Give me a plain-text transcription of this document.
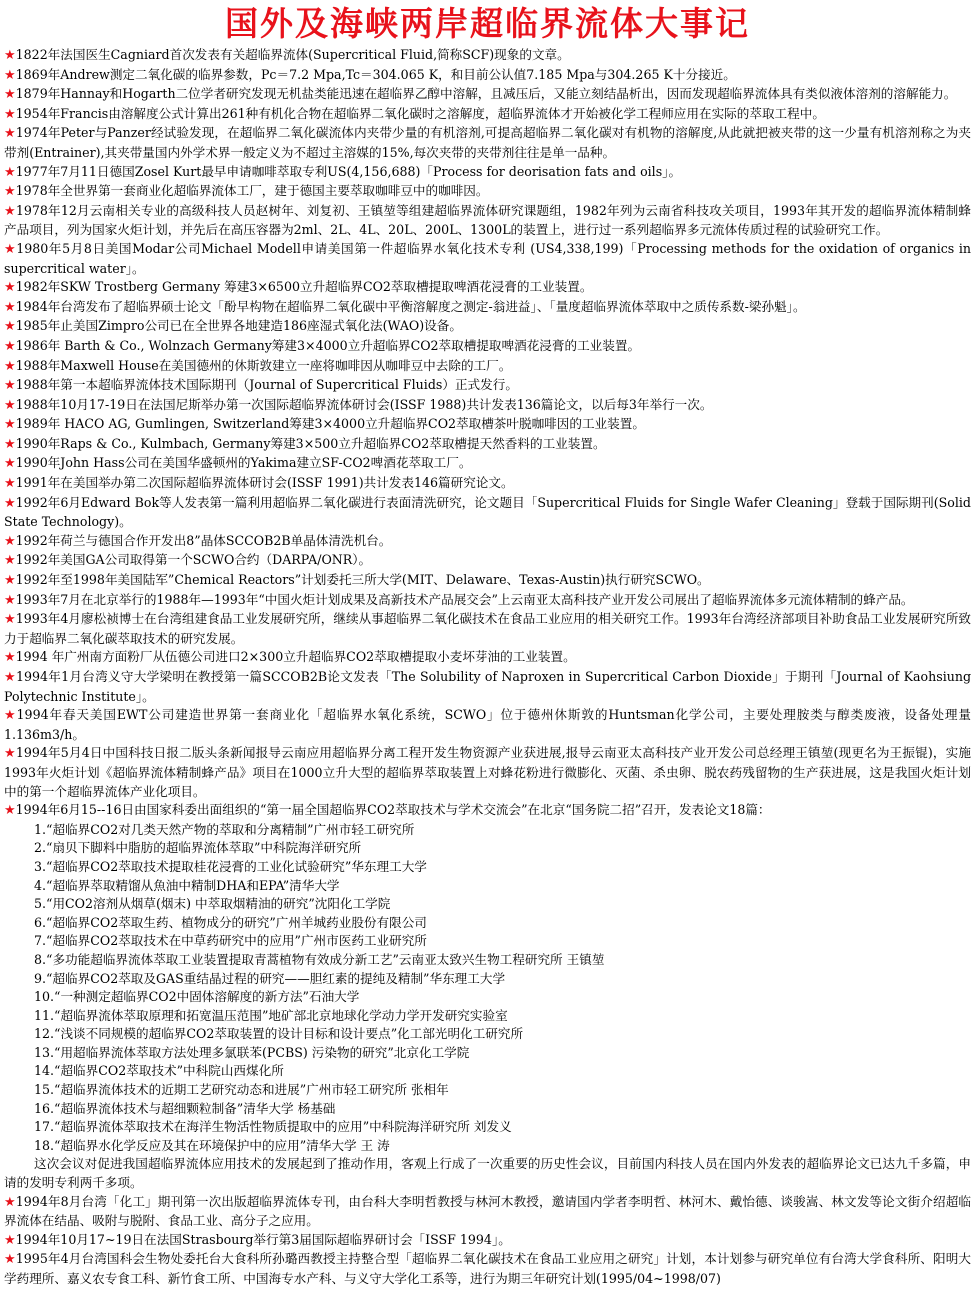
国外及海峡两岸超临界流体大事记

★1822年法国医生Cagniard首次发表有关超临界流体(Supercritical Fluid,简称SCF)现象的文章。

★1869年Andrew测定二氧化碳的临界参数，Pc＝7.2 Mpa,Tc＝304.065 K，和目前公认值7.185 Mpa与304.265 K十分接近。

★1879年Hannay和Hogarth二位学者研究发现无机盐类能迅速在超临界乙醇中溶解，且减压后，又能立刻结晶析出，因而发现超临界流体具有类似液体溶剂的溶解能力。

★1954年Francis由溶解度公式计算出261种有机化合物在超临界二氧化碳时之溶解度，超临界流体才开始被化学工程师应用在实际的萃取工程中。

★1974年Peter与Panzer经试验发现，在超临界二氧化碳流体内夹带少量的有机溶剂,可提高超临界二氧化碳对有机物的溶解度,从此就把被夹带的这一少量有机溶剂称之为夹带剂(Entrainer),其夹带量国内外学术界一般定义为不超过主溶媒的15%,每次夹带的夹带剂往往是单一品种。

★1977年7月11日德国Zosel Kurt最早申请咖啡萃取专利US(4,156,688)「Process for deorisation fats and oils」。

★1978年全世界第一套商业化超临界流体工厂，建于德国主要萃取咖啡豆中的咖啡因。

★1978年12月云南相关专业的高级科技人员赵树年、刘复初、王镇堃等组建超临界流体研究课题组，1982年列为云南省科技攻关项目，1993年其开发的超临界流体精制蜂产品项目，列为国家火炬计划，并先后在高压容器为2ml、2L、4L、20L、200L、1300L的装置上，进行过一系列超临界多元流体传质过程的试验研究工作。

★1980年5月8日美国Modar公司Michael Modell申请美国第一件超临界水氧化技术专利 (US4,338,199)「Processing methods for the oxidation of organics in supercritical water」。

★1982年SKW Trostberg Germany 筹建3×6500立升超临界CO2萃取槽提取啤酒花浸膏的工业装置。

★1984年台湾发布了超临界硕士论文「酚早构物在超临界二氧化碳中平衡溶解度之测定-翁进益」、「量度超临界流体萃取中之质传系数-梁孙魁」。

★1985年止美国Zimpro公司已在全世界各地建造186座湿式氧化法(WAO)设备。

★1986年 Barth & Co., Wolnzach Germany筹建3×4000立升超临界CO2萃取槽提取啤酒花浸膏的工业装置。

★1988年Maxwell House在美国德州的休斯敦建立一座将咖啡因从咖啡豆中去除的工厂。

★1988年第一本超临界流体技术国际期刊（Journal of Supercritical Fluids）正式发行。

★1988年10月17-19日在法国尼斯举办第一次国际超临界流体研讨会(ISSF 1988)共计发表136篇论文，以后每3年举行一次。

★1989年 HACO AG, Gumlingen, Switzerland筹建3×4000立升超临界CO2萃取槽茶叶脱咖啡因的工业装置。

★1990年Raps & Co., Kulmbach, Germany筹建3×500立升超临界CO2萃取槽提天然香料的工业装置。

★1990年John Hass公司在美国华盛顿州的Yakima建立SF-CO2啤酒花萃取工厂。

★1991年在美国举办第二次国际超临界流体研讨会(ISSF 1991)共计发表146篇研究论文。

★1992年6月Edward Bok等人发表第一篇利用超临界二氧化碳进行表面清洗研究，论文题目「Supercritical Fluids for Single Wafer Cleaning」登载于国际期刊(Solid State Technology)。

★1992年荷兰与德国合作开发出8”晶体SCCOB2B单晶体清洗机台。

★1992年美国GA公司取得第一个SCWO合约（DARPA/ONR）。

★1992年至1998年美国陆军”Chemical Reactors”计划委托三所大学(MIT、Delaware、Texas-Austin)执行研究SCWO。

★1993年7月在北京举行的1988年—1993年“中国火炬计划成果及高新技术产品展交会”上云南亚太高科技产业开发公司展出了超临界流体多元流体精制的蜂产品。

★1993年4月廖松祯博士在台湾组建食品工业发展研究所，继续从事超临界二氧化碳技术在食品工业应用的相关研究工作。1993年台湾经济部项目补助食品工业发展研究所致力于超临界二氧化碳萃取技术的研究发展。

★1994 年广州南方面粉厂从伍德公司进口2×300立升超临界CO2萃取槽提取小麦坏芽油的工业装置。

★1994年1月台湾义守大学梁明在教授第一篇SCCOB2B论文发表「The Solubility of Naproxen in Supercritical Carbon Dioxide」于期刊「Journal of Kaohsiung Polytechnic Institute」。

★1994年春天美国EWT公司建造世界第一套商业化「超临界水氧化系统，SCWO」位于德州休斯敦的Huntsman化学公司，主要处理胺类与醇类废液，设备处理量1.136m3/h。

★1994年5月4日中国科技日报二版头条新闻报导云南应用超临界分离工程开发生物资源产业获进展,报导云南亚太高科技产业开发公司总经理王镇堃(现更名为王振锟)，实施1993年火炬计划《超临界流体精制蜂产品》项目在1000立升大型的超临界萃取装置上对蜂花粉进行微膨化、灭菌、杀虫卵、脱农药残留物的生产获进展，这是我国火炬计划中的第一个超临界流体产业化项目。

★1994年6月15--16日由国家科委出面组织的“第一届全国超临界CO2萃取技术与学术交流会”在北京“国务院二招”召开，发表论文18篇：

1.“超临界CO2对几类天然产物的萃取和分离精制”广州市轻工研究所
2.“扇贝下脚料中脂肪的超临界流体萃取”中科院海洋研究所
3.“超临界CO2萃取技术提取桂花浸膏的工业化试验研究”华东理工大学
4.“超临界萃取精馏从魚油中精制DHA和EPA”清华大学
5.“用CO2溶剂从烟草(烟末) 中萃取烟精油的研究”沈阳化工学院
6.“超临界CO2萃取生药、植物成分的研究”广州羊城药业股份有限公司
7.“超临界CO2萃取技术在中草药研究中的应用”广州市医药工业研究所
8.“多功能超临界流体萃取工业装置提取青蒿植物有效成分新工艺”云南亚太致兴生物工程研究所 王镇堃
9.“超临界CO2萃取及GAS重结晶过程的研究——胆红素的提纯及精制”华东理工大学
10.“一种测定超临界CO2中固体溶解度的新方法”石油大学
11.“超临界流体萃取原理和拓宽温压范围”地矿部北京地球化学动力学开发研究实验室
12.“浅谈不同规模的超临界CO2萃取装置的设计目标和设计要点”化工部光明化工研究所
13.“用超临界流体萃取方法处理多氯联苯(PCBS) 污染物的研究”北京化工学院
14.“超临界CO2萃取技术”中科院山西煤化所
15.“超临界流体技术的近期工艺研究动态和进展”广州市轻工研究所 张相年
16.“超临界流体技术与超细颗粒制备”清华大学 杨基础
17.“超临界流体萃取技术在海洋生物活性物质提取中的应用”中科院海洋研究所 刘发义
18.“超临界水化学反应及其在环境保护中的应用”清华大学 王 涛

这次会议对促进我国超临界流体应用技术的发展起到了推动作用，客观上行成了一次重要的历史性会议，目前国内科技人员在国内外发表的超临界论文已达九千多篇，申请的发明专利两千多项。

★1994年8月台湾「化工」期刊第一次出版超临界流体专刊，由台科大李明哲教授与林河木教授，邀请国内学者李明哲、林河木、戴怡德、谈骏嵩、林文发等论文街介绍超临界流体在结晶、吸附与脱附、食品工业、高分子之应用。

★1994年10月17~19日在法国Strasbourg举行第3届国际超临界研讨会「ISSF 1994」。

★1995年4月台湾国科会生物处委托台大食科所孙璐西教授主持整合型「超临界二氧化碳技术在食品工业应用之研究」计划，本计划参与研究单位有台湾大学食科所、阳明大学药理所、嘉义农专食工科、新竹食工所、中国海专水产科、与义守大学化工系等，进行为期三年研究计划(1995/04~1998/07)
